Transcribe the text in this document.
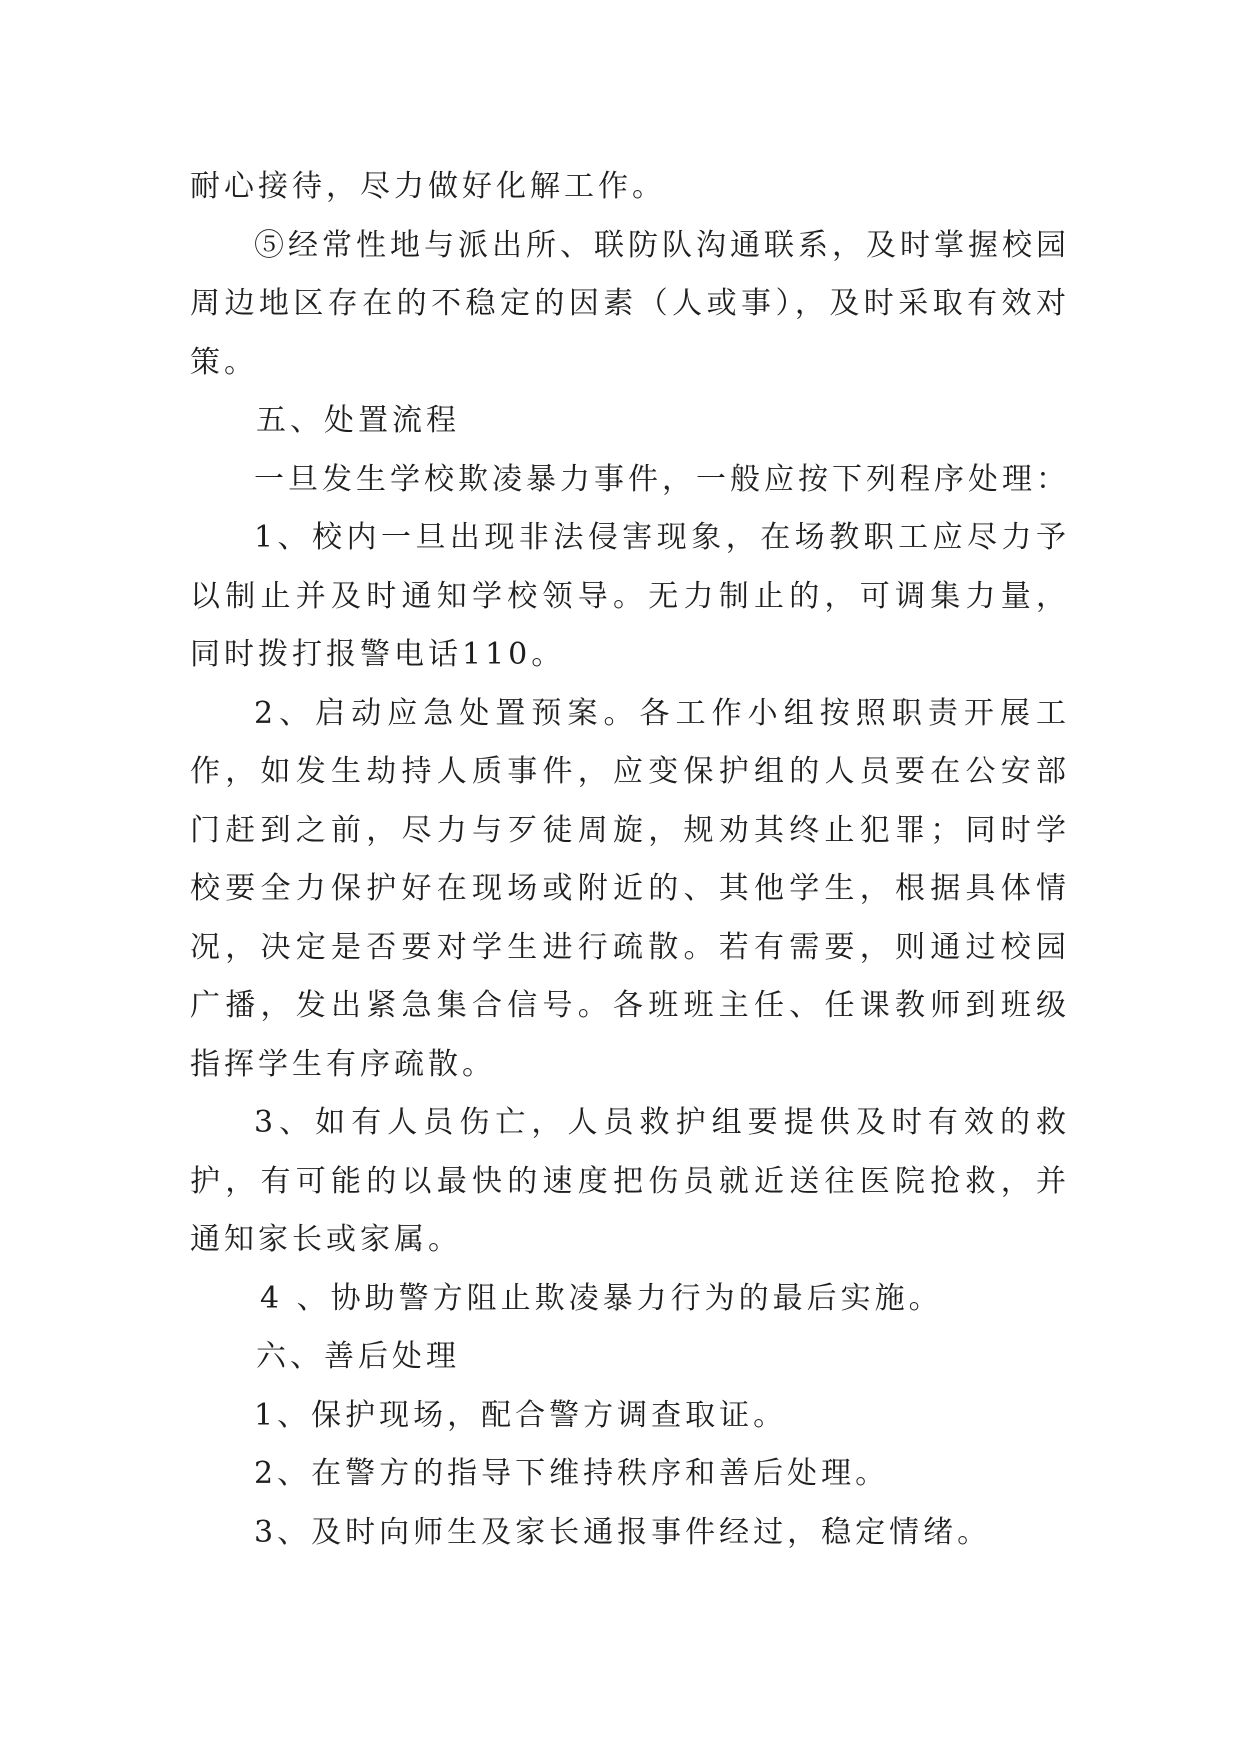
耐心接待，尽力做好化解工作。

⑤经常性地与派出所、联防队沟通联系，及时掌握校园周边地区存在的不稳定的因素（人或事），及时采取有效对策。

五、处置流程

一旦发生学校欺凌暴力事件，一般应按下列程序处理：

1、校内一旦出现非法侵害现象，在场教职工应尽力予以制止并及时通知学校领导。无力制止的，可调集力量，同时拨打报警电话110。

2、启动应急处置预案。各工作小组按照职责开展工作，如发生劫持人质事件，应变保护组的人员要在公安部门赶到之前，尽力与歹徒周旋，规劝其终止犯罪；同时学校要全力保护好在现场或附近的、其他学生，根据具体情况，决定是否要对学生进行疏散。若有需要，则通过校园广播，发出紧急集合信号。各班班主任、任课教师到班级指挥学生有序疏散。

3、如有人员伤亡，人员救护组要提供及时有效的救护，有可能的以最快的速度把伤员就近送往医院抢救，并通知家长或家属。

4 、协助警方阻止欺凌暴力行为的最后实施。

六、善后处理

1、保护现场，配合警方调查取证。

2、在警方的指导下维持秩序和善后处理。

3、及时向师生及家长通报事件经过，稳定情绪。
